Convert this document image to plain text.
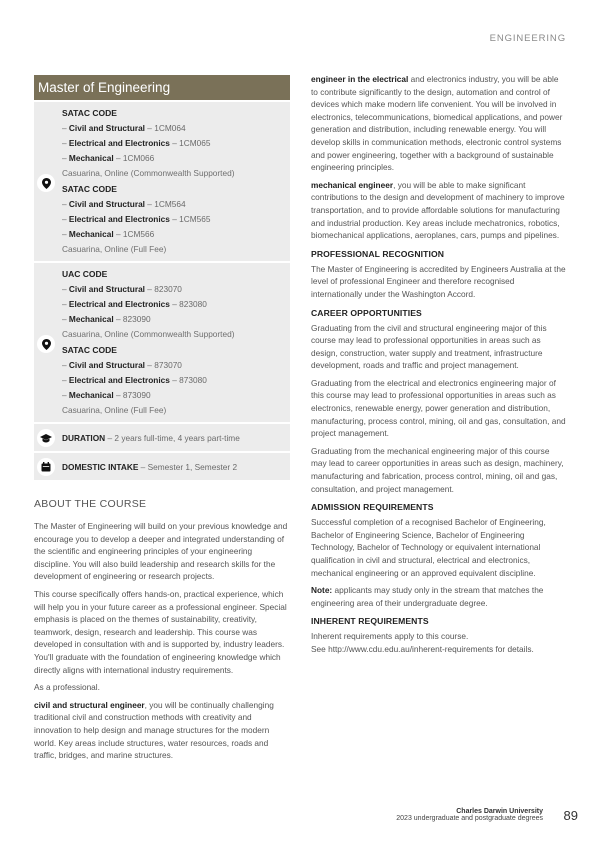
ENGINEERING
Master of Engineering
SATAC CODE
– Civil and Structural – 1CM064
– Electrical and Electronics – 1CM065
– Mechanical – 1CM066
Casuarina, Online (Commonwealth Supported)
SATAC CODE
– Civil and Structural – 1CM564
– Electrical and Electronics – 1CM565
– Mechanical – 1CM566
Casuarina, Online (Full Fee)
UAC CODE
– Civil and Structural – 823070
– Electrical and Electronics – 823080
– Mechanical – 823090
Casuarina, Online (Commonwealth Supported)
SATAC CODE
– Civil and Structural – 873070
– Electrical and Electronics – 873080
– Mechanical – 873090
Casuarina, Online (Full Fee)
DURATION – 2 years full-time, 4 years part-time
DOMESTIC INTAKE – Semester 1, Semester 2
ABOUT THE COURSE

The Master of Engineering will build on your previous knowledge and encourage you to develop a deeper and integrated understanding of the scientific and engineering principles of your engineering discipline. You will also build leadership and research skills for the development of engineering or research projects.

This course specifically offers hands-on, practical experience, which will help you in your future career as a professional engineer. Special emphasis is placed on the themes of sustainability, creativity, teamwork, design, research and leadership. This course was developed in consultation with and is supported by, industry leaders. You'll graduate with the foundation of engineering knowledge which directly aligns with international industry requirements.

As a professional.

civil and structural engineer, you will be continually challenging traditional civil and construction methods with creativity and innovation to help design and manage structures for the modern world. Key areas include structures, water resources, roads and traffic, bridges, and marine structures.

engineer in the electrical and electronics industry, you will be able to contribute significantly to the design, automation and control of devices which make modern life convenient. You will be involved in electronics, telecommunications, biomedical applications, and power generation and distribution, including renewable energy. You will develop skills in communication methods, electronic control systems and power engineering, together with a background of sustainable engineering principles.

mechanical engineer, you will be able to make significant contributions to the design and development of machinery to improve transportation, and to provide affordable solutions for manufacturing and industrial production. Key areas include mechatronics, robotics, biomechanical applications, aeroplanes, cars, pumps and pipelines.

PROFESSIONAL RECOGNITION

The Master of Engineering is accredited by Engineers Australia at the level of professional Engineer and therefore recognised internationally under the Washington Accord.

CAREER OPPORTUNITIES

Graduating from the civil and structural engineering major of this course may lead to professional opportunities in areas such as design, construction, water supply and treatment, infrastructure development, roads and traffic and project management.

Graduating from the electrical and electronics engineering major of this course may lead to professional opportunities in areas such as electronics, renewable energy, power generation and distribution, manufacturing, process control, mining, oil and gas, consultation, and project management.

Graduating from the mechanical engineering major of this course may lead to career opportunities in areas such as design, machinery, manufacturing and fabrication, process control, mining, oil and gas, consultation, and project management.

ADMISSION REQUIREMENTS

Successful completion of a recognised Bachelor of Engineering, Bachelor of Engineering Science, Bachelor of Engineering Technology, Bachelor of Technology or equivalent international qualification in civil and structural, electrical and electronics, mechanical engineering or an approved equivalent discipline.

Note: applicants may study only in the stream that matches the engineering area of their undergraduate degree.

INHERENT REQUIREMENTS

Inherent requirements apply to this course.

See http://www.cdu.edu.au/inherent-requirements for details.

Charles Darwin University
2023 undergraduate and postgraduate degrees 89
